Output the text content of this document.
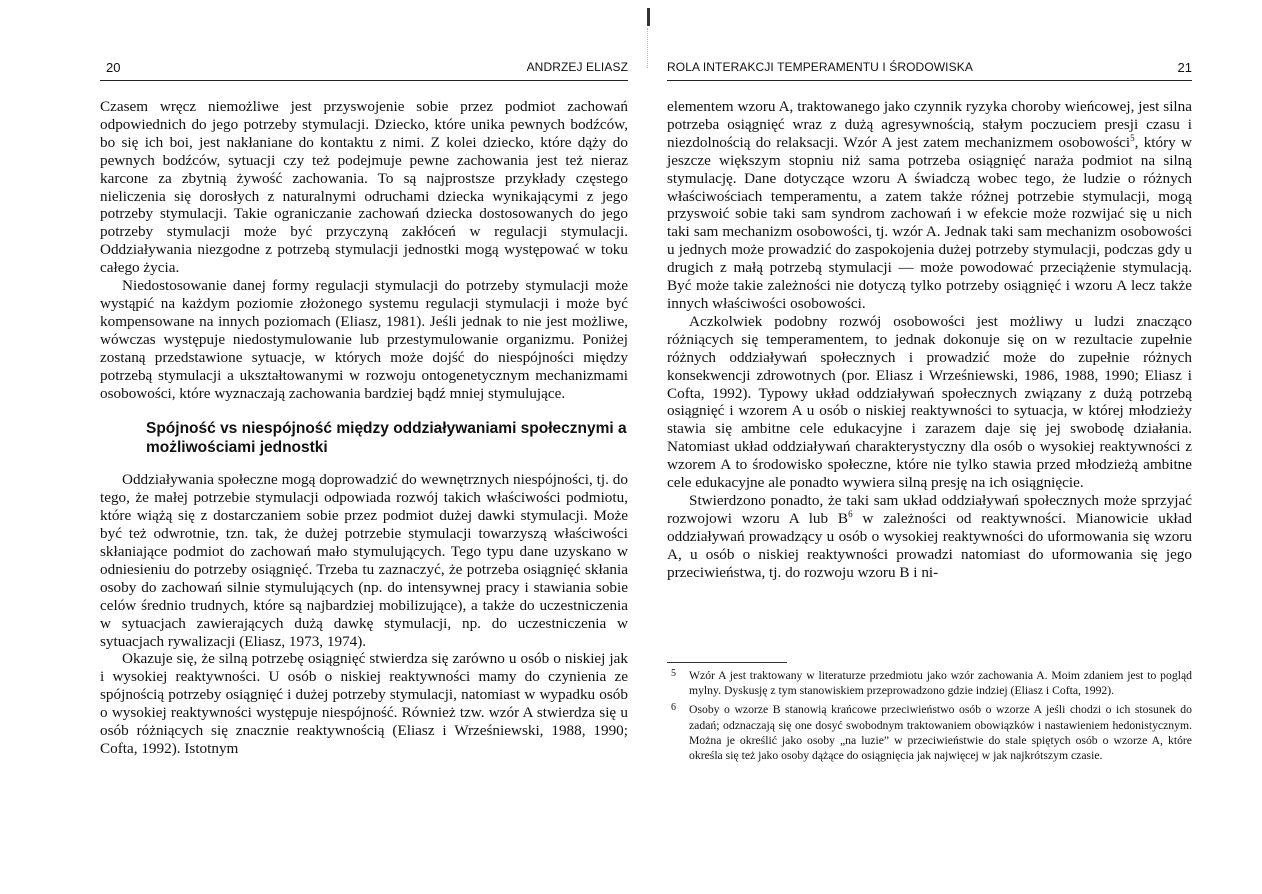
20	ANDRZEJ ELIASZ

Czasem wręcz niemożliwe jest przyswojenie sobie przez podmiot zachowań odpowiednich do jego potrzeby stymulacji. Dziecko, które unika pewnych bodźców, bo się ich boi, jest nakłaniane do kontaktu z nimi. Z kolei dziecko, które dąży do pewnych bodźców, sytuacji czy też podejmuje pewne zachowania jest też nieraz karcone za zbytnią żywość zachowania. To są najprostsze przykłady częstego nieliczenia się dorosłych z naturalnymi odruchami dziecka wynikającymi z jego potrzeby stymulacji. Takie ograniczanie zachowań dziecka dostosowanych do jego potrzeby stymulacji może być przyczyną zakłóceń w regulacji stymulacji. Oddziaływania niezgodne z potrzebą stymulacji jednostki mogą występować w toku całego życia.

Niedostosowanie danej formy regulacji stymulacji do potrzeby stymulacji może wystąpić na każdym poziomie złożonego systemu regulacji stymulacji i może być kompensowane na innych poziomach (Eliasz, 1981). Jeśli jednak to nie jest możliwe, wówczas występuje niedostymulowanie lub przestymulowanie organizmu. Poniżej zostaną przedstawione sytuacje, w których może dojść do niespójności między potrzebą stymulacji a ukształtowanymi w rozwoju ontogenetycznym mechanizmami osobowości, które wyznaczają zachowania bardziej bądź mniej stymulujące.

Spójność vs niespójność między oddziaływaniami społecznymi a możliwościami jednostki

Oddziaływania społeczne mogą doprowadzić do wewnętrznych niespójności, tj. do tego, że małej potrzebie stymulacji odpowiada rozwój takich właściwości podmiotu, które wiążą się z dostarczaniem sobie przez podmiot dużej dawki stymulacji. Może być też odwrotnie, tzn. tak, że dużej potrzebie stymulacji towarzyszą właściwości skłaniające podmiot do zachowań mało stymulujących. Tego typu dane uzyskano w odniesieniu do potrzeby osiągnięć. Trzeba tu zaznaczyć, że potrzeba osiągnięć skłania osoby do zachowań silnie stymulujących (np. do intensywnej pracy i stawiania sobie celów średnio trudnych, które są najbardziej mobilizujące), a także do uczestniczenia w sytuacjach zawierających dużą dawkę stymulacji, np. do uczestniczenia w sytuacjach rywalizacji (Eliasz, 1973, 1974).

Okazuje się, że silną potrzebę osiągnięć stwierdza się zarówno u osób o niskiej jak i wysokiej reaktywności. U osób o niskiej reaktywności mamy do czynienia ze spójnością potrzeby osiągnięć i dużej potrzeby stymulacji, natomiast w wypadku osób o wysokiej reaktywności występuje niespójność. Również tzw. wzór A stwierdza się u osób różniących się znacznie reaktywnością (Eliasz i Wrześniewski, 1988, 1990; Cofta, 1992). Istotnym

ROLA INTERAKCJI TEMPERAMENTU I ŚRODOWISKA	21

elementem wzoru A, traktowanego jako czynnik ryzyka choroby wieńcowej, jest silna potrzeba osiągnięć wraz z dużą agresywnością, stałym poczuciem presji czasu i niezdolnością do relaksacji. Wzór A jest zatem mechanizmem osobowości$^5$, który w jeszcze większym stopniu niż sama potrzeba osiągnięć naraża podmiot na silną stymulację. Dane dotyczące wzoru A świadczą wobec tego, że ludzie o różnych właściwościach temperamentu, a zatem także różnej potrzebie stymulacji, mogą przyswoić sobie taki sam syndrom zachowań i w efekcie może rozwijać się u nich taki sam mechanizm osobowości, tj. wzór A. Jednak taki sam mechanizm osobowości u jednych może prowadzić do zaspokojenia dużej potrzeby stymulacji, podczas gdy u drugich z małą potrzebą stymulacji — może powodować przeciążenie stymulacją. Być może takie zależności nie dotyczą tylko potrzeby osiągnięć i wzoru A lecz także innych właściwości osobowości.

Aczkolwiek podobny rozwój osobowości jest możliwy u ludzi znacząco różniących się temperamentem, to jednak dokonuje się on w rezultacie zupełnie różnych oddziaływań społecznych i prowadzić może do zupełnie różnych konsekwencji zdrowotnych (por. Eliasz i Wrześniewski, 1986, 1988, 1990; Eliasz i Cofta, 1992). Typowy układ oddziaływań społecznych związany z dużą potrzebą osiągnięć i wzorem A u osób o niskiej reaktywności to sytuacja, w której młodzieży stawia się ambitne cele edukacyjne i zarazem daje się jej swobodę działania. Natomiast układ oddziaływań charakterystyczny dla osób o wysokiej reaktywności z wzorem A to środowisko społeczne, które nie tylko stawia przed młodzieżą ambitne cele edukacyjne ale ponadto wywiera silną presję na ich osiągnięcie.

Stwierdzono ponadto, że taki sam układ oddziaływań społecznych może sprzyjać rozwojowi wzoru A lub $B^6$ w zależności od reaktywności. Mianowicie układ oddziaływań prowadzący u osób o wysokiej reaktywności do uformowania się wzoru A, u osób o niskiej reaktywności prowadzi natomiast do uformowania się jego przeciwieństwa, tj. do rozwoju wzoru B i ni-

5 Wzór A jest traktowany w literaturze przedmiotu jako wzór zachowania A. Moim zdaniem jest to pogląd mylny. Dyskusję z tym stanowiskiem przeprowadzono gdzie indziej (Eliasz i Cofta, 1992).
6 Osoby o wzorze B stanowią krańcowe przeciwieństwo osób o wzorze A jeśli chodzi o ich stosunek do zadań; odznaczają się one dosyć swobodnym traktowaniem obowiązków i nastawieniem hedonistycznym. Można je określić jako osoby „na luzie” w przeciwieństwie do stale spiętych osób o wzorze A, które określa się też jako osoby dążące do osiągnięcia jak najwięcej w jak najkrótszym czasie.
